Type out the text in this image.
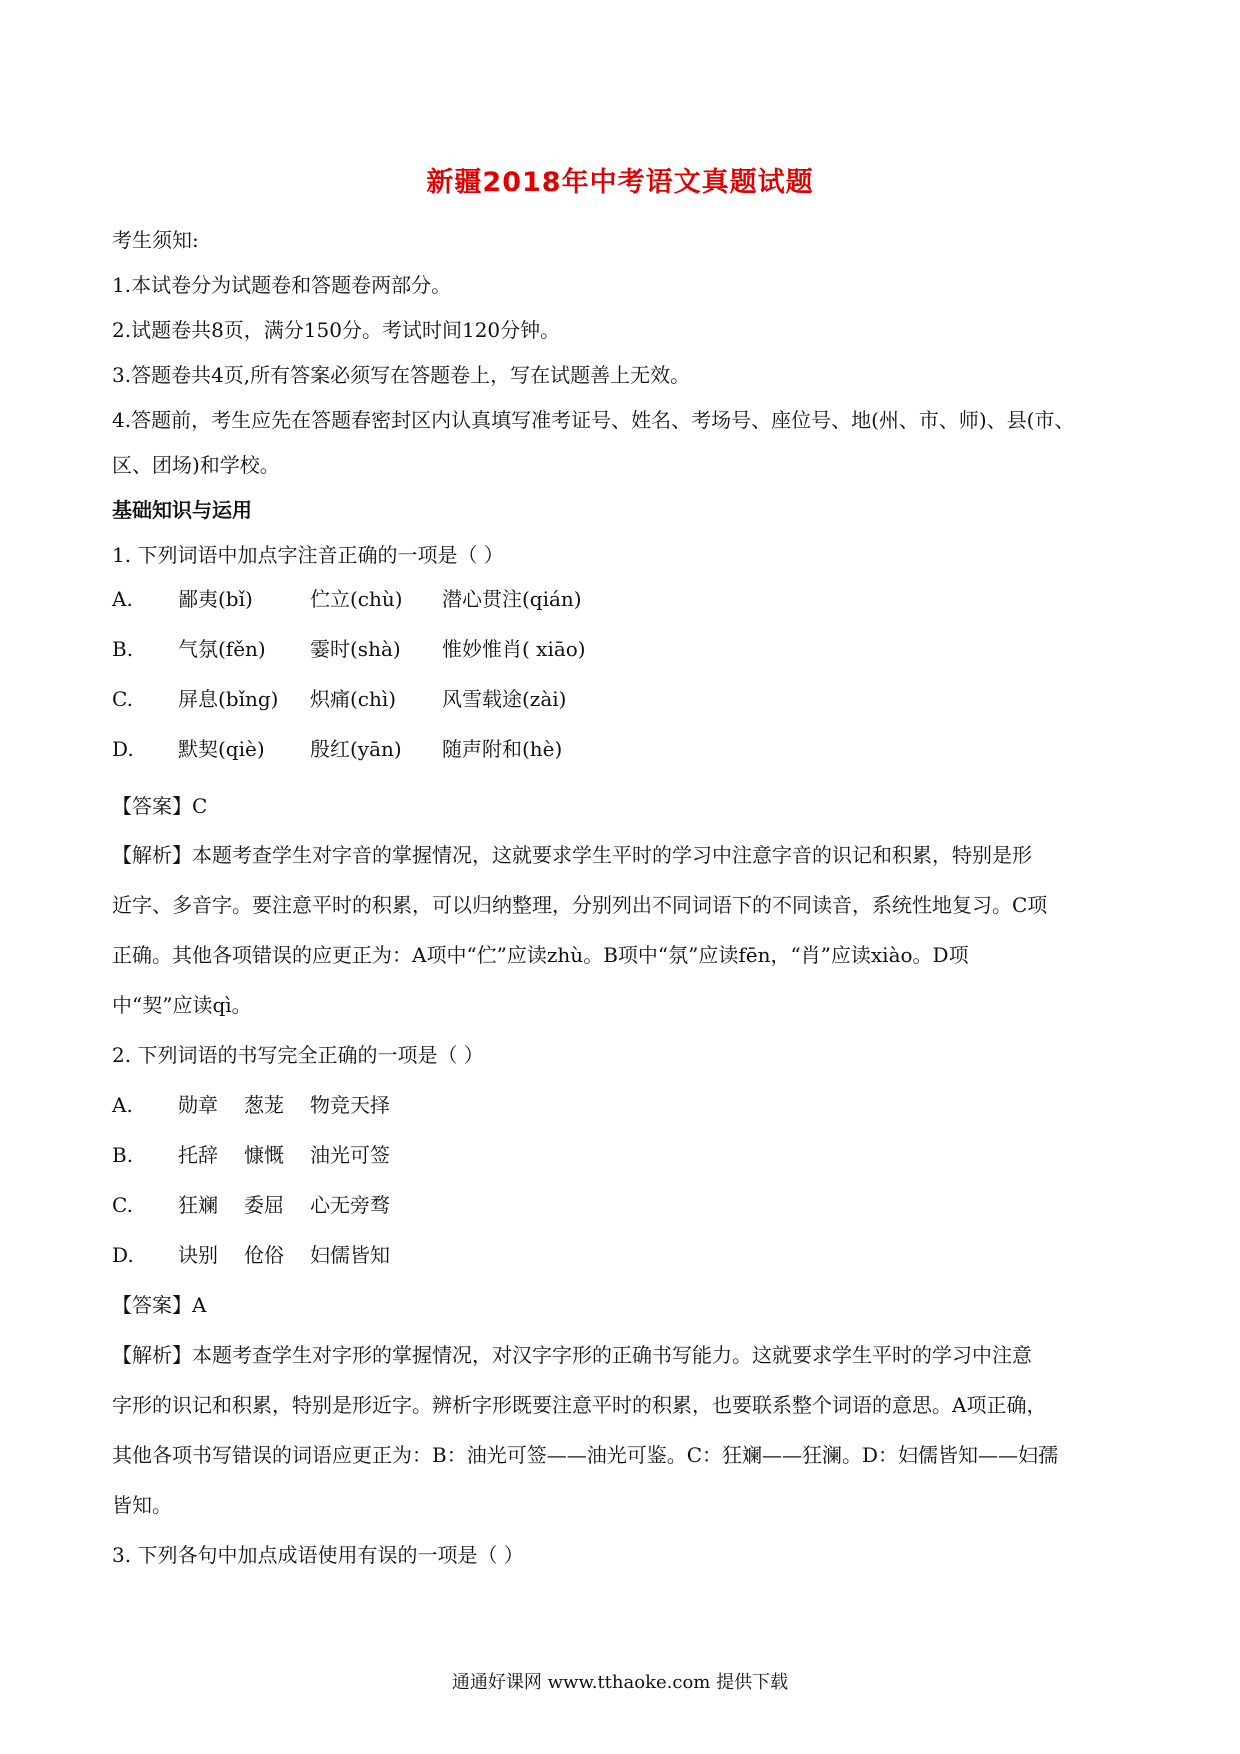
新疆2018年中考语文真题试题
考生须知:
1.本试卷分为试题卷和答题卷两部分。
2.试题卷共8页，满分150分。考试时间120分钟。
3.答题卷共4页,所有答案必须写在答题卷上，写在试题善上无效。
4.答题前，考生应先在答题春密封区内认真填写准考证号、姓名、考场号、座位号、地(州、市、师)、县(市、
区、团场)和学校。
基础知识与运用
1. 下列词语中加点字注音正确的一项是（ ）
A. 鄙夷(bǐ)	伫立(chù) 潜心贯注(qián)
B. 气氛(fěn) 霎时(shà) 惟妙惟肖( xiāo)
C. 屏息(bǐng) 炽痛(chì) 风雪载途(zài)
D. 默契(qiè) 殷红(yān) 随声附和(hè)
【答案】C
【解析】本题考查学生对字音的掌握情况，这就要求学生平时的学习中注意字音的识记和积累，特别是形
近字、多音字。要注意平时的积累，可以归纳整理，分别列出不同词语下的不同读音，系统性地复习。C项
正确。其他各项错误的应更正为：A项中“伫”应读zhù。B项中“氛”应读fēn，“肖”应读xiào。D项
中“契”应读qì。
2. 下列词语的书写完全正确的一项是（ ）
A. 勋章 葱茏 物竞天择
B. 托辞 慷慨 油光可签
C. 狂斓 委屈 心无旁骛
D. 诀别 伧俗 妇儒皆知
【答案】A
【解析】本题考查学生对字形的掌握情况，对汉字字形的正确书写能力。这就要求学生平时的学习中注意
字形的识记和积累，特别是形近字。辨析字形既要注意平时的积累，也要联系整个词语的意思。A项正确，
其他各项书写错误的词语应更正为：B：油光可签——油光可鉴。C：狂斓——狂澜。D：妇儒皆知——妇孺
皆知。
3. 下列各句中加点成语使用有误的一项是（ ）
通通好课网 www.tthaoke.com 提供下载
